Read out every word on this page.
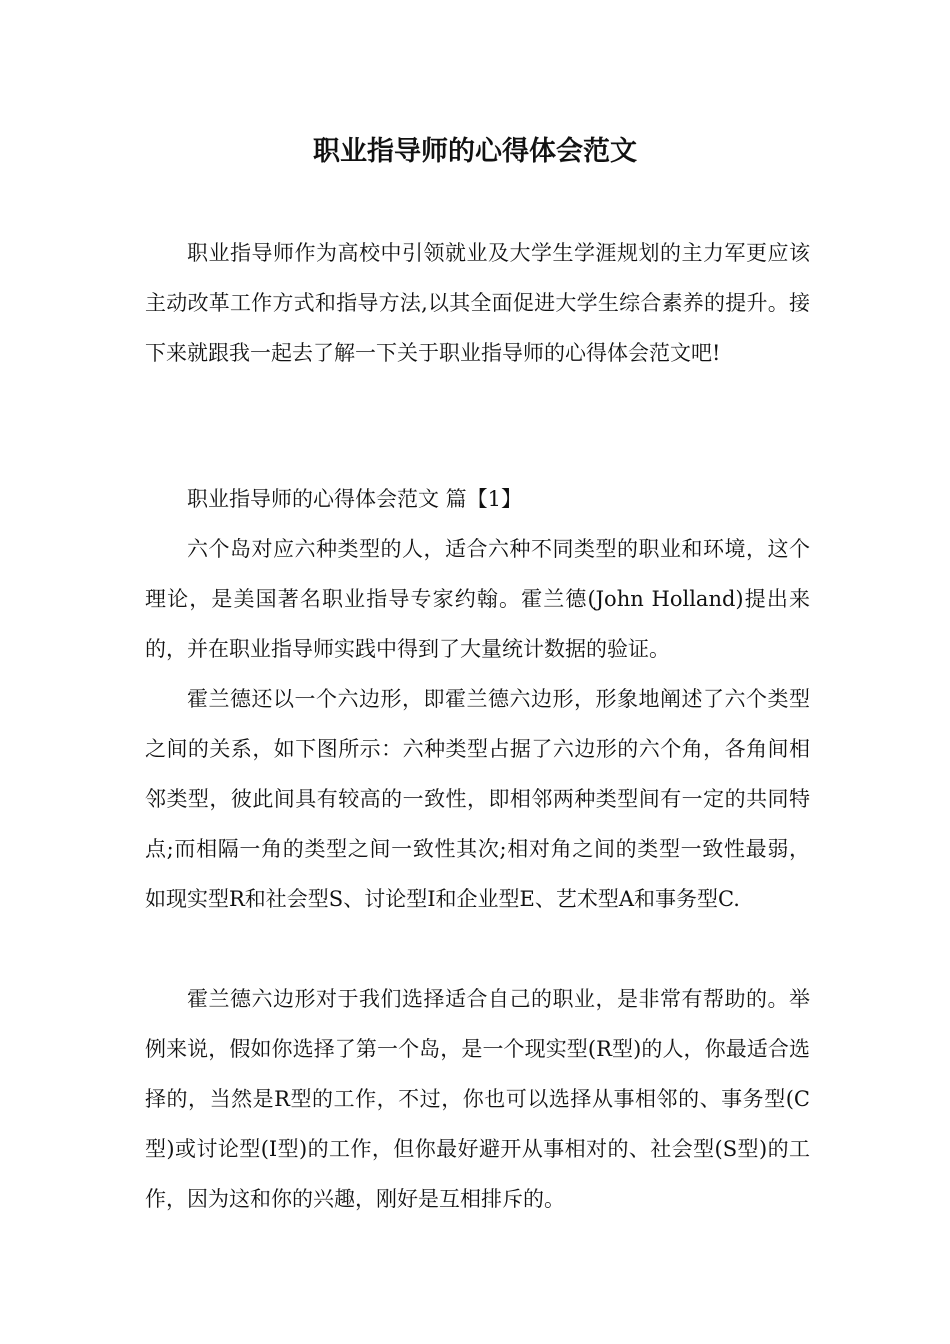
职业指导师的心得体会范文

职业指导师作为高校中引领就业及大学生学涯规划的主力军更应该主动改革工作方式和指导方法,以其全面促进大学生综合素养的提升。接下来就跟我一起去了解一下关于职业指导师的心得体会范文吧!

职业指导师的心得体会范文 篇【1】

六个岛对应六种类型的人，适合六种不同类型的职业和环境，这个理论，是美国著名职业指导专家约翰。霍兰德(John Holland)提出来的，并在职业指导师实践中得到了大量统计数据的验证。

霍兰德还以一个六边形，即霍兰德六边形，形象地阐述了六个类型之间的关系，如下图所示：六种类型占据了六边形的六个角，各角间相邻类型，彼此间具有较高的一致性，即相邻两种类型间有一定的共同特点;而相隔一角的类型之间一致性其次;相对角之间的类型一致性最弱，如现实型R和社会型S、讨论型I和企业型E、艺术型A和事务型C.

霍兰德六边形对于我们选择适合自己的职业，是非常有帮助的。举例来说，假如你选择了第一个岛，是一个现实型(R型)的人，你最适合选择的，当然是R型的工作，不过，你也可以选择从事相邻的、事务型(C型)或讨论型(I型)的工作，但你最好避开从事相对的、社会型(S型)的工作，因为这和你的兴趣，刚好是互相排斥的。
